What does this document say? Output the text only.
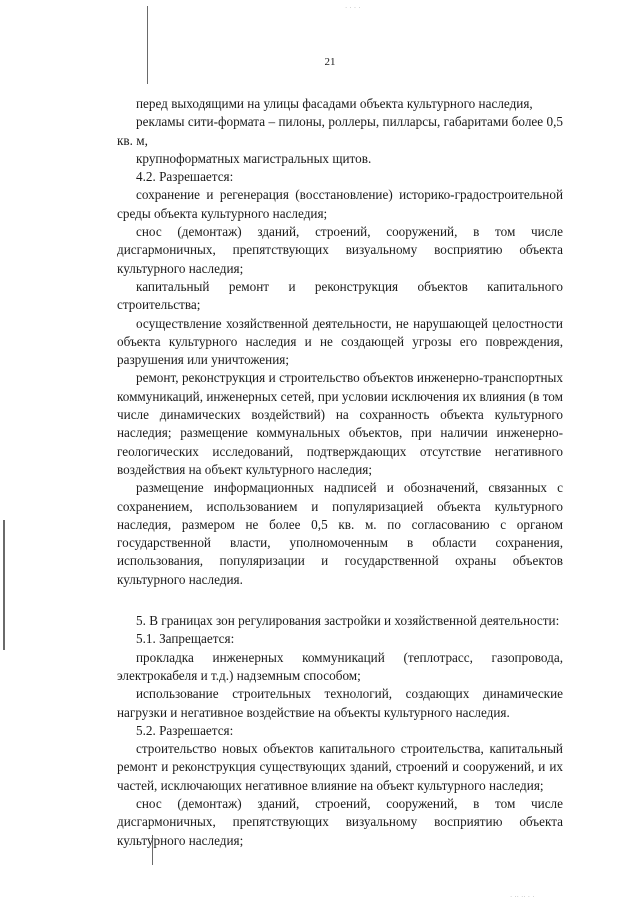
· · · ·
· ·· ·· · ·
21

перед выходящими на улицы фасадами объекта культурного наследия,

рекламы сити-формата – пилоны, роллеры, пилларсы, габаритами более 0,5 кв. м,

крупноформатных магистральных щитов.

4.2. Разрешается:

сохранение и регенерация (восстановление) историко-градостроительной среды объекта культурного наследия;

снос (демонтаж) зданий, строений, сооружений, в том числе дисгармоничных, препятствующих визуальному восприятию объекта культурного наследия;

капитальный ремонт и реконструкция объектов капитального строительства;

осуществление хозяйственной деятельности, не нарушающей целостности объекта культурного наследия и не создающей угрозы его повреждения, разрушения или уничтожения;

ремонт, реконструкция и строительство объектов инженерно-транспортных коммуникаций, инженерных сетей, при условии исключения их влияния (в том числе динамических воздействий) на сохранность объекта культурного наследия; размещение коммунальных объектов, при наличии инженерно-геологических исследований, подтверждающих отсутствие негативного воздействия на объект культурного наследия;

размещение информационных надписей и обозначений, связанных с сохранением, использованием и популяризацией объекта культурного наследия, размером не более 0,5 кв. м. по согласованию с органом государственной власти, уполномоченным в области сохранения, использования, популяризации и государственной охраны объектов культурного наследия.

5. В границах зон регулирования застройки и хозяйственной деятельности:

5.1. Запрещается:

прокладка инженерных коммуникаций (теплотрасс, газопровода, электрокабеля и т.д.) надземным способом;

использование строительных технологий, создающих динамические нагрузки и негативное воздействие на объекты культурного наследия.

5.2. Разрешается:

строительство новых объектов капитального строительства, капитальный ремонт и реконструкция существующих зданий, строений и сооружений, и их частей, исключающих негативное влияние на объект культурного наследия;

снос (демонтаж) зданий, строений, сооружений, в том числе дисгармоничных, препятствующих визуальному восприятию объекта культурного наследия;
